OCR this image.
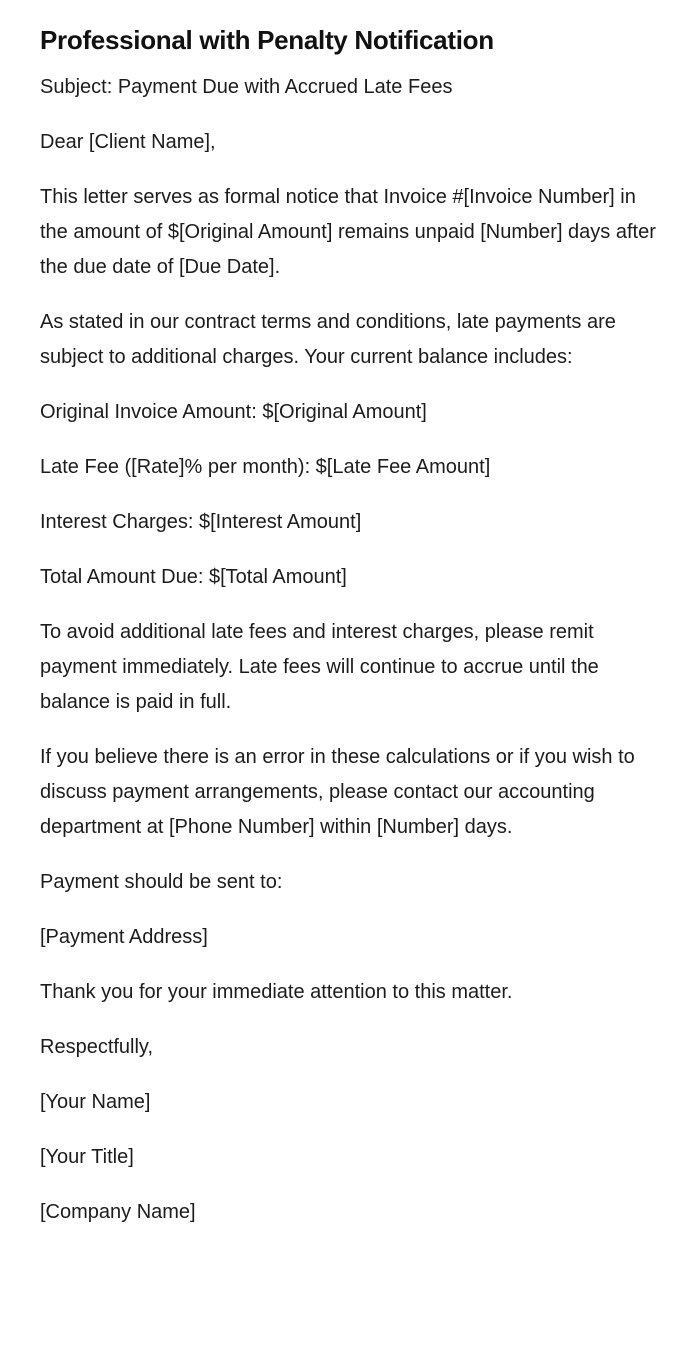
Professional with Penalty Notification

Subject: Payment Due with Accrued Late Fees

Dear [Client Name],

This letter serves as formal notice that Invoice #[Invoice Number] in the amount of $[Original Amount] remains unpaid [Number] days after the due date of [Due Date].

As stated in our contract terms and conditions, late payments are subject to additional charges. Your current balance includes:

Original Invoice Amount: $[Original Amount]

Late Fee ([Rate]% per month): $[Late Fee Amount]

Interest Charges: $[Interest Amount]

Total Amount Due: $[Total Amount]

To avoid additional late fees and interest charges, please remit payment immediately. Late fees will continue to accrue until the balance is paid in full.

If you believe there is an error in these calculations or if you wish to discuss payment arrangements, please contact our accounting department at [Phone Number] within [Number] days.

Payment should be sent to:

[Payment Address]

Thank you for your immediate attention to this matter.

Respectfully,

[Your Name]

[Your Title]

[Company Name]
